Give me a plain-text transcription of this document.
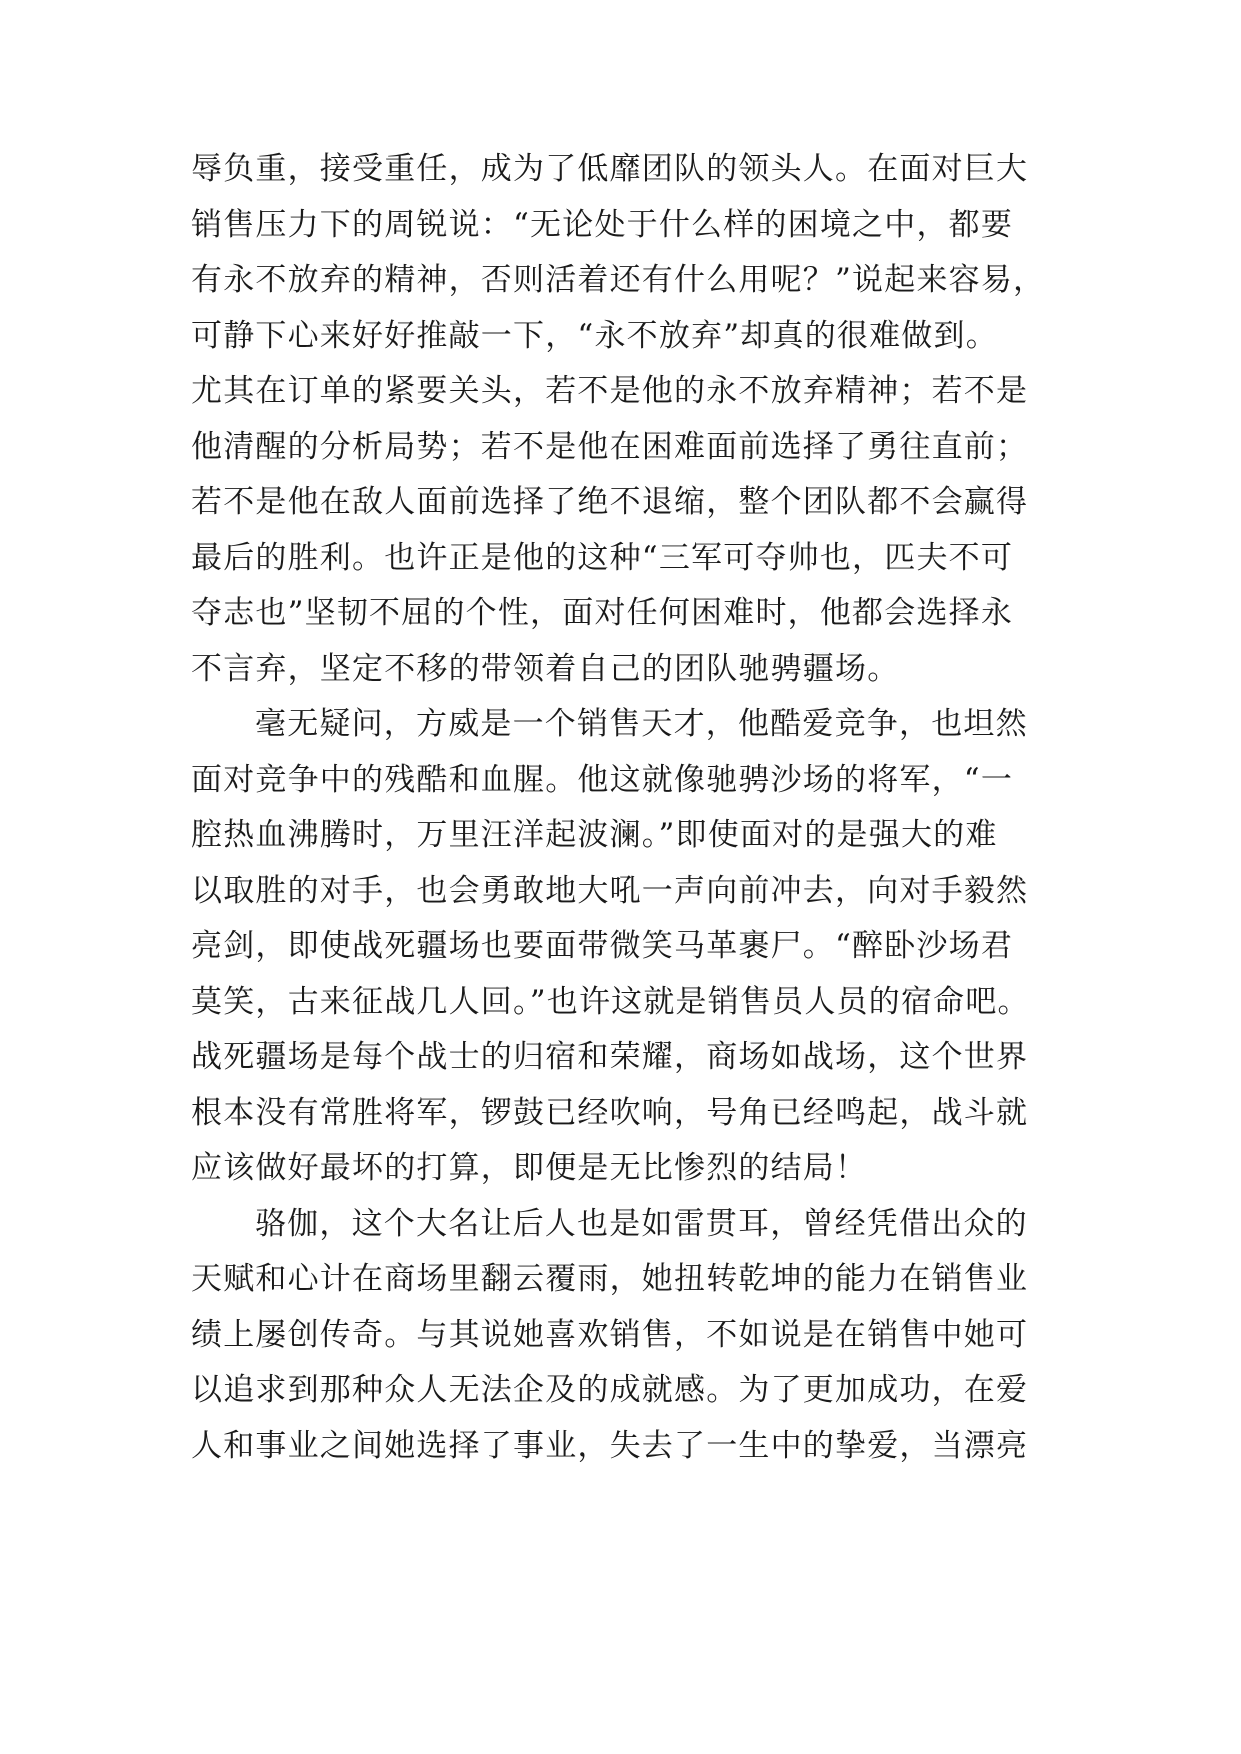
辱负重，接受重任，成为了低靡团队的领头人。在面对巨大
销售压力下的周锐说：“无论处于什么样的困境之中，都要
有永不放弃的精神，否则活着还有什么用呢？”说起来容易，
可静下心来好好推敲一下，“永不放弃”却真的很难做到。
尤其在订单的紧要关头，若不是他的永不放弃精神；若不是
他清醒的分析局势；若不是他在困难面前选择了勇往直前；
若不是他在敌人面前选择了绝不退缩，整个团队都不会赢得
最后的胜利。也许正是他的这种“三军可夺帅也，匹夫不可
夺志也”坚韧不屈的个性，面对任何困难时，他都会选择永
不言弃，坚定不移的带领着自己的团队驰骋疆场。
毫无疑问，方威是一个销售天才，他酷爱竞争，也坦然
面对竞争中的残酷和血腥。他这就像驰骋沙场的将军，“一
腔热血沸腾时，万里汪洋起波澜。”即使面对的是强大的难
以取胜的对手，也会勇敢地大吼一声向前冲去，向对手毅然
亮剑，即使战死疆场也要面带微笑马革裹尸。“醉卧沙场君
莫笑，古来征战几人回。”也许这就是销售员人员的宿命吧。
战死疆场是每个战士的归宿和荣耀，商场如战场，这个世界
根本没有常胜将军，锣鼓已经吹响，号角已经鸣起，战斗就
应该做好最坏的打算，即便是无比惨烈的结局！
骆伽，这个大名让后人也是如雷贯耳，曾经凭借出众的
天赋和心计在商场里翻云覆雨，她扭转乾坤的能力在销售业
绩上屡创传奇。与其说她喜欢销售，不如说是在销售中她可
以追求到那种众人无法企及的成就感。为了更加成功，在爱
人和事业之间她选择了事业，失去了一生中的挚爱，当漂亮
